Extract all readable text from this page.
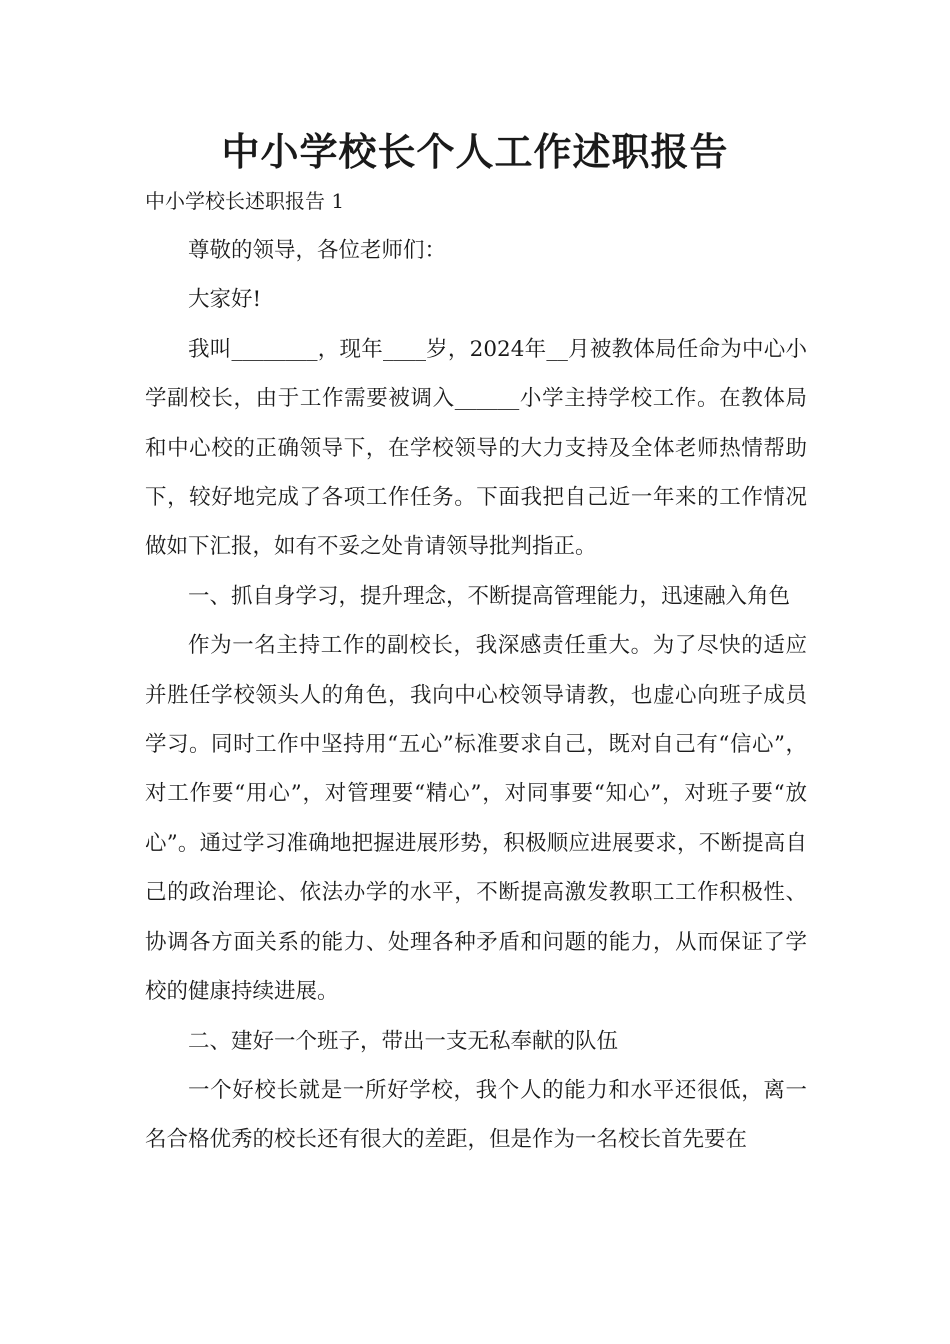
中小学校长个人工作述职报告

中小学校长述职报告 1

尊敬的领导，各位老师们：

大家好!

我叫________，现年____岁，2024年__月被教体局任命为中心小学副校长，由于工作需要被调入______小学主持学校工作。在教体局和中心校的正确领导下，在学校领导的大力支持及全体老师热情帮助下，较好地完成了各项工作任务。下面我把自己近一年来的工作情况做如下汇报，如有不妥之处肯请领导批判指正。

一、抓自身学习，提升理念，不断提高管理能力，迅速融入角色

作为一名主持工作的副校长，我深感责任重大。为了尽快的适应并胜任学校领头人的角色，我向中心校领导请教，也虚心向班子成员学习。同时工作中坚持用“五心”标准要求自己，既对自己有“信心”，对工作要“用心”，对管理要“精心”，对同事要“知心”，对班子要“放心”。通过学习准确地把握进展形势，积极顺应进展要求，不断提高自己的政治理论、依法办学的水平，不断提高激发教职工工作积极性、协调各方面关系的能力、处理各种矛盾和问题的能力，从而保证了学校的健康持续进展。

二、建好一个班子，带出一支无私奉献的队伍

一个好校长就是一所好学校，我个人的能力和水平还很低，离一名合格优秀的校长还有很大的差距，但是作为一名校长首先要在
